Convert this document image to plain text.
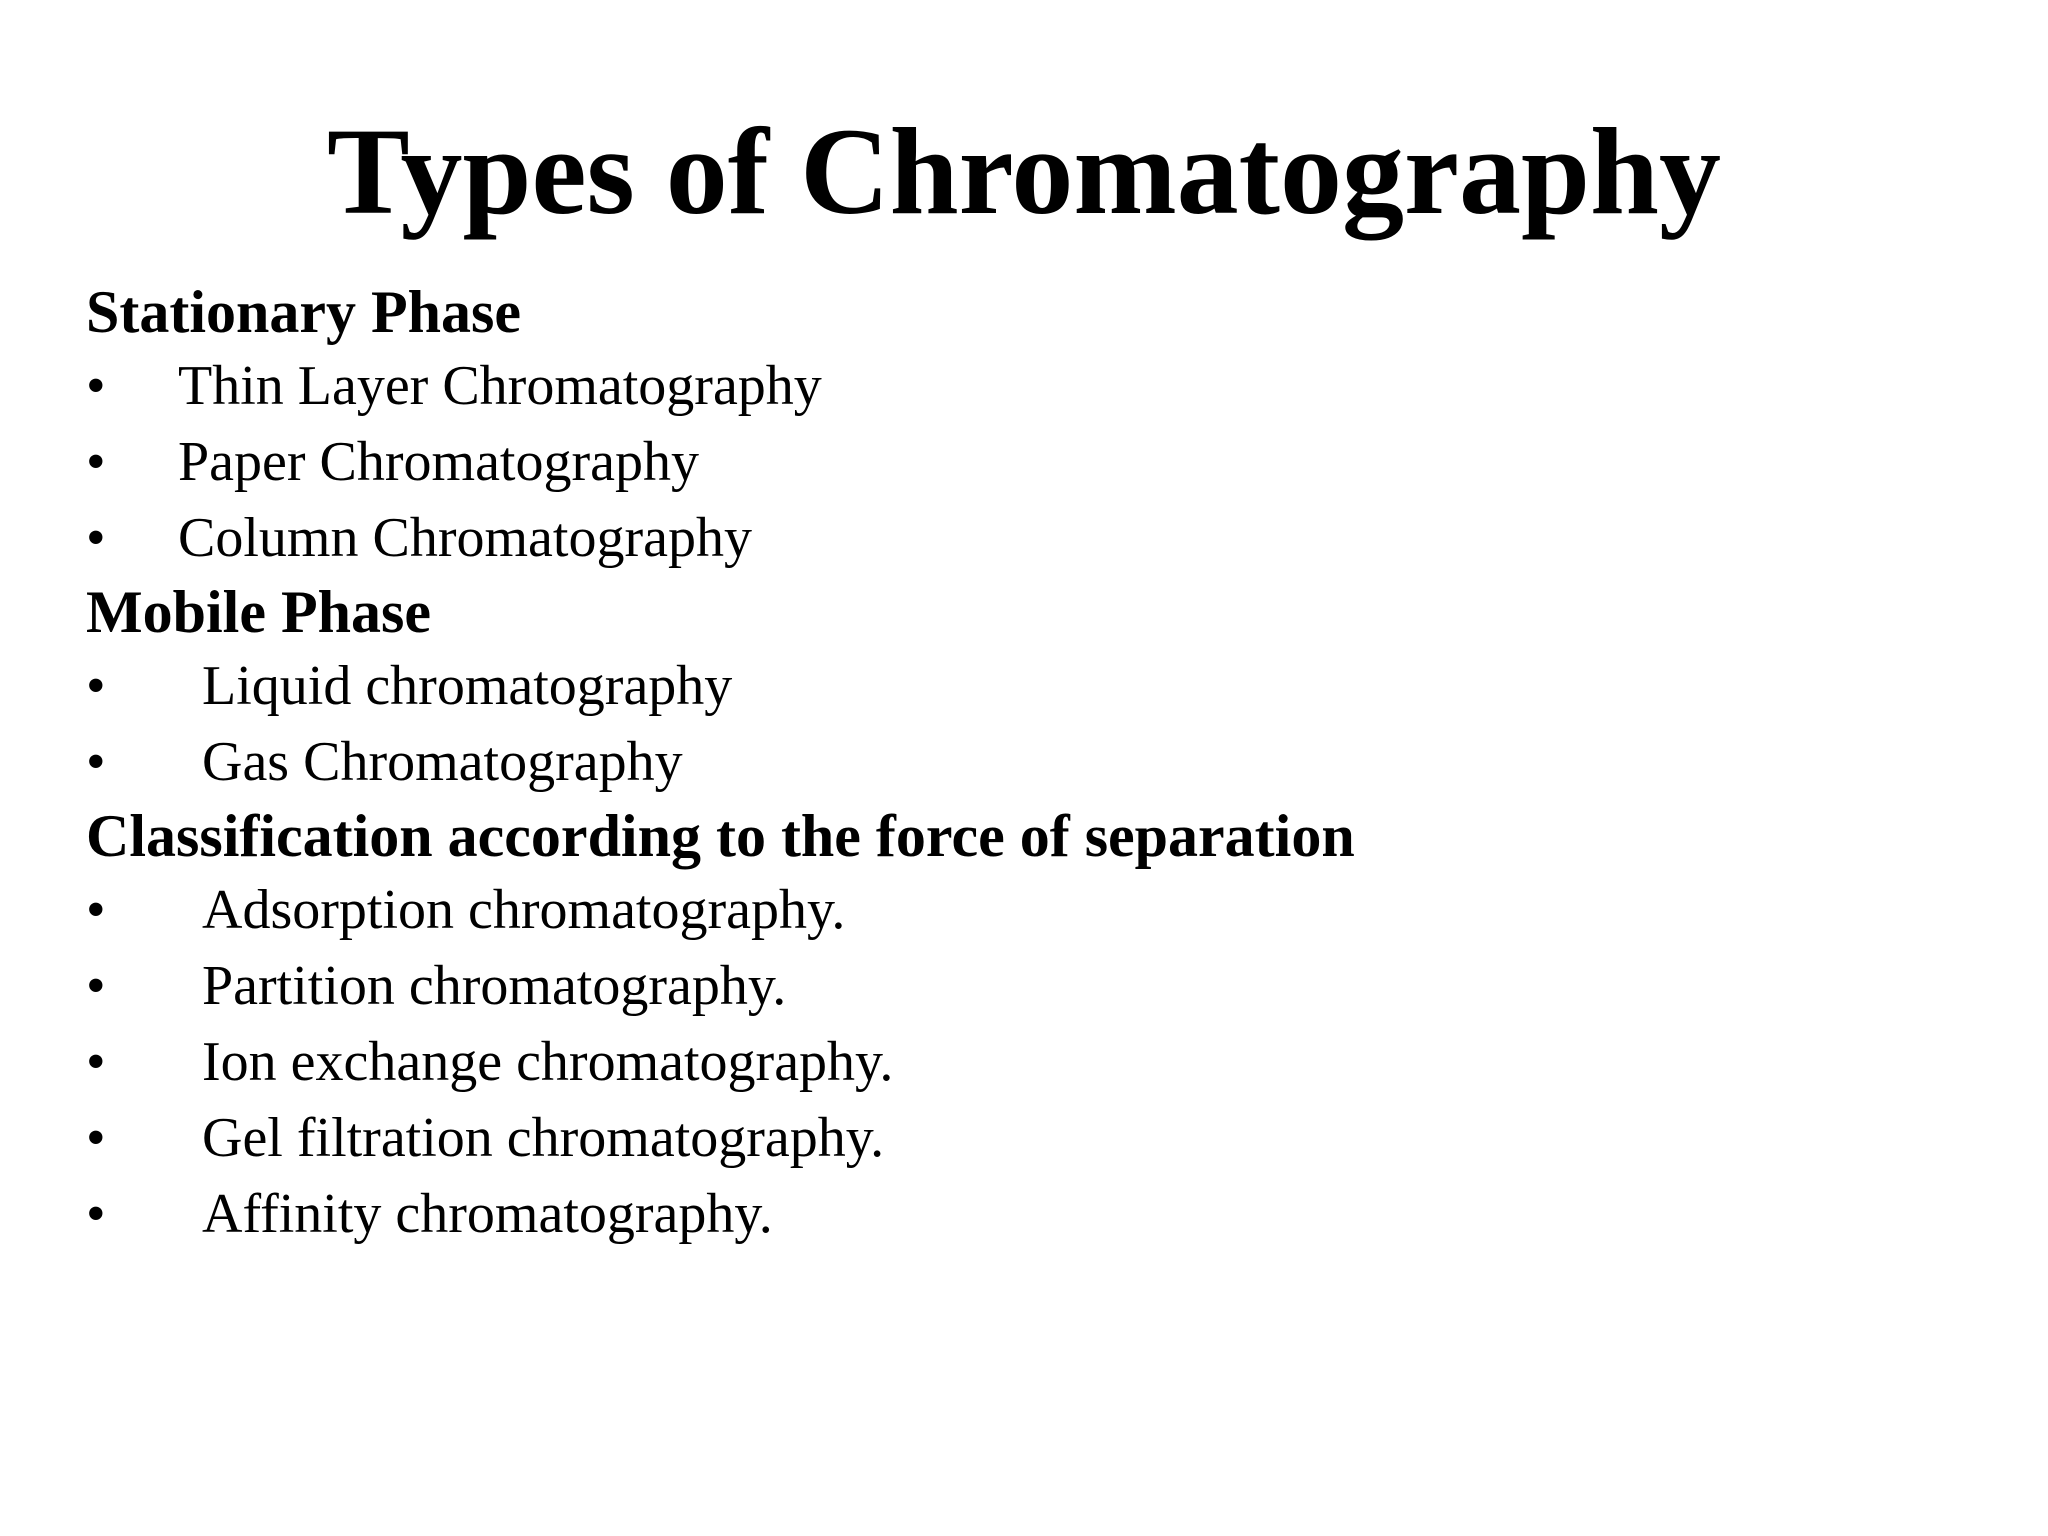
Types of Chromatography
Stationary Phase
• Thin Layer Chromatography
• Paper Chromatography
• Column Chromatography
Mobile Phase
• Liquid chromatography
• Gas Chromatography
Classification according to the force of separation
• Adsorption chromatography.
• Partition chromatography.
• Ion exchange chromatography.
• Gel filtration chromatography.
• Affinity chromatography.
